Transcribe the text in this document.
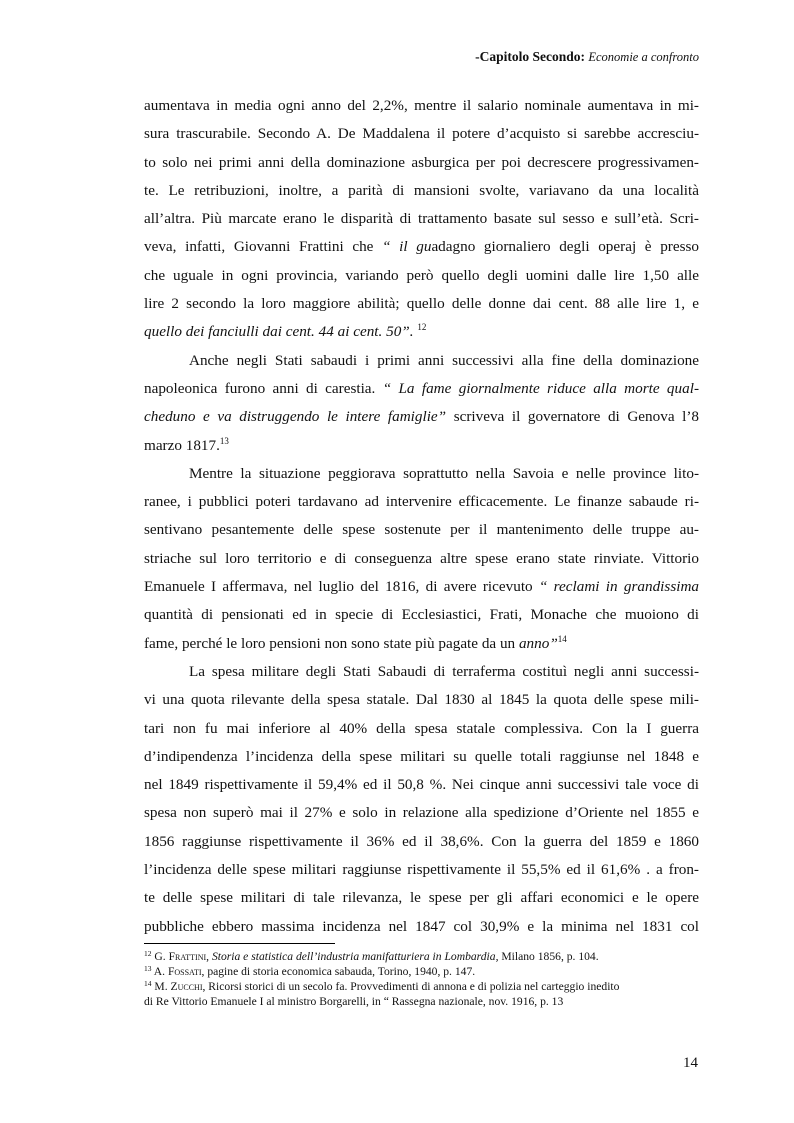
-Capitolo Secondo: Economie a confronto
aumentava in media ogni anno del 2,2%, mentre il salario nominale aumentava in mi-
sura trascurabile. Secondo A. De Maddalena il potere d’acquisto si sarebbe accresciu-
to solo nei primi anni della dominazione asburgica per poi decrescere progressivamen-
te. Le retribuzioni, inoltre, a parità di mansioni svolte, variavano da una località
all’altra. Più marcate erano le disparità di trattamento basate sul sesso e sull’età. Scri-
veva, infatti, Giovanni Frattini che “ il guadagno giornaliero degli operaj è presso
che uguale in ogni provincia, variando però quello degli uomini dalle lire 1,50 alle
lire 2 secondo la loro maggiore abilità; quello delle donne dai cent. 88 alle lire 1, e
quello dei fanciulli dai cent. 44 ai cent. 50”. $^{12}$
Anche negli Stati sabaudi i primi anni successivi alla fine della dominazione
napoleonica furono anni di carestia. “ La fame giornalmente riduce alla morte qual-
cheduno e va distruggendo le intere famiglie” scriveva il governatore di Genova l’8
marzo 1817.13
Mentre la situazione peggiorava soprattutto nella Savoia e nelle province lito-
ranee, i pubblici poteri tardavano ad intervenire efficacemente. Le finanze sabaude ri-
sentivano pesantemente delle spese sostenute per il mantenimento delle truppe au-
striache sul loro territorio e di conseguenza altre spese erano state rinviate. Vittorio
Emanuele I affermava, nel luglio del 1816, di avere ricevuto “ reclami in grandissima
quantità di pensionati ed in specie di Ecclesiastici, Frati, Monache che muoiono di
fame, perché le loro pensioni non sono state più pagate da un anno”$^{14}$
La spesa militare degli Stati Sabaudi di terraferma costituì negli anni successi-
vi una quota rilevante della spesa statale. Dal 1830 al 1845 la quota delle spese mili-
tari non fu mai inferiore al 40% della spesa statale complessiva. Con la I guerra
d’indipendenza l’incidenza della spese militari su quelle totali raggiunse nel 1848 e
nel 1849 rispettivamente il 59,4% ed il 50,8 %. Nei cinque anni successivi tale voce di
spesa non superò mai il 27% e solo in relazione alla spedizione d’Oriente nel 1855 e
1856 raggiunse rispettivamente il 36% ed il 38,6%. Con la guerra del 1859 e 1860
l’incidenza delle spese militari raggiunse rispettivamente il 55,5% ed il 61,6% . a fron-
te delle spese militari di tale rilevanza, le spese per gli affari economici e le opere
pubbliche ebbero massima incidenza nel 1847 col 30,9% e la minima nel 1831 col
$^{12}$ G. Frattini, Storia e statistica dell’industria manifatturiera in Lombardia, Milano 1856, p. 104.
$^{13}$ A. Fossati, pagine di storia economica sabauda, Torino, 1940, p. 147.
$^{14}$ M. Zucchi, Ricorsi storici di un secolo fa. Provvedimenti di annona e di polizia nel carteggio inedito
di Re Vittorio Emanuele I al ministro Borgarelli, in “ Rassegna nazionale, nov. 1916, p. 13
14
